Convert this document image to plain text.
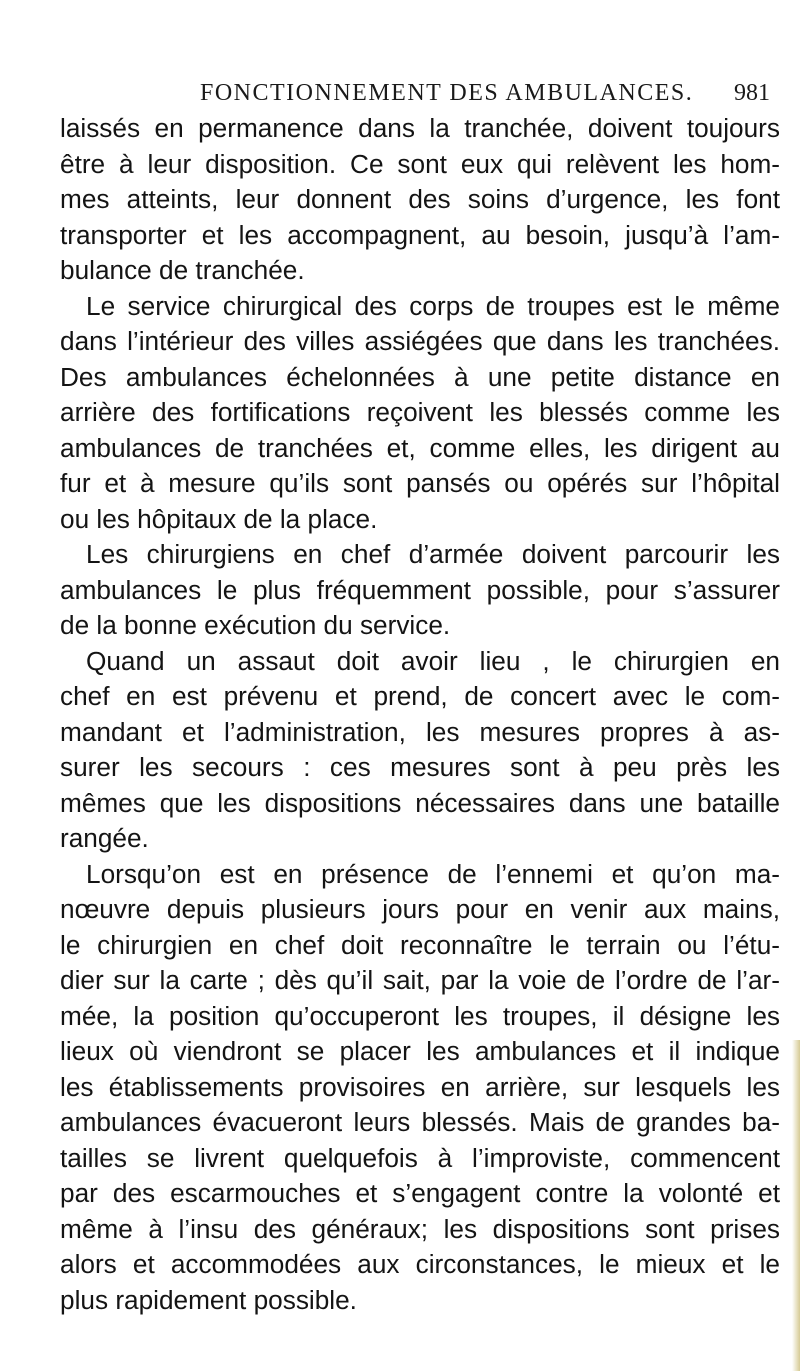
FONCTIONNEMENT DES AMBULANCES. 981
laissés en permanence dans la tranchée, doivent toujours
être à leur disposition. Ce sont eux qui relèvent les hom-
mes atteints, leur donnent des soins d’urgence, les font
transporter et les accompagnent, au besoin, jusqu’à l’am-
bulance de tranchée.
Le service chirurgical des corps de troupes est le même
dans l’intérieur des villes assiégées que dans les tranchées.
Des ambulances échelonnées à une petite distance en
arrière des fortifications reçoivent les blessés comme les
ambulances de tranchées et, comme elles, les dirigent au
fur et à mesure qu’ils sont pansés ou opérés sur l’hôpital
ou les hôpitaux de la place.
Les chirurgiens en chef d’armée doivent parcourir les
ambulances le plus fréquemment possible, pour s’assurer
de la bonne exécution du service.
Quand un assaut doit avoir lieu , le chirurgien en
chef en est prévenu et prend, de concert avec le com-
mandant et l’administration, les mesures propres à as-
surer les secours : ces mesures sont à peu près les
mêmes que les dispositions nécessaires dans une bataille
rangée.
Lorsqu’on est en présence de l’ennemi et qu’on ma-
nœuvre depuis plusieurs jours pour en venir aux mains,
le chirurgien en chef doit reconnaître le terrain ou l’étu-
dier sur la carte ; dès qu’il sait, par la voie de l’ordre de l’ar-
mée, la position qu’occuperont les troupes, il désigne les
lieux où viendront se placer les ambulances et il indique
les établissements provisoires en arrière, sur lesquels les
ambulances évacueront leurs blessés. Mais de grandes ba-
tailles se livrent quelquefois à l’improviste, commencent
par des escarmouches et s’engagent contre la volonté et
même à l’insu des généraux; les dispositions sont prises
alors et accommodées aux circonstances, le mieux et le
plus rapidement possible.
